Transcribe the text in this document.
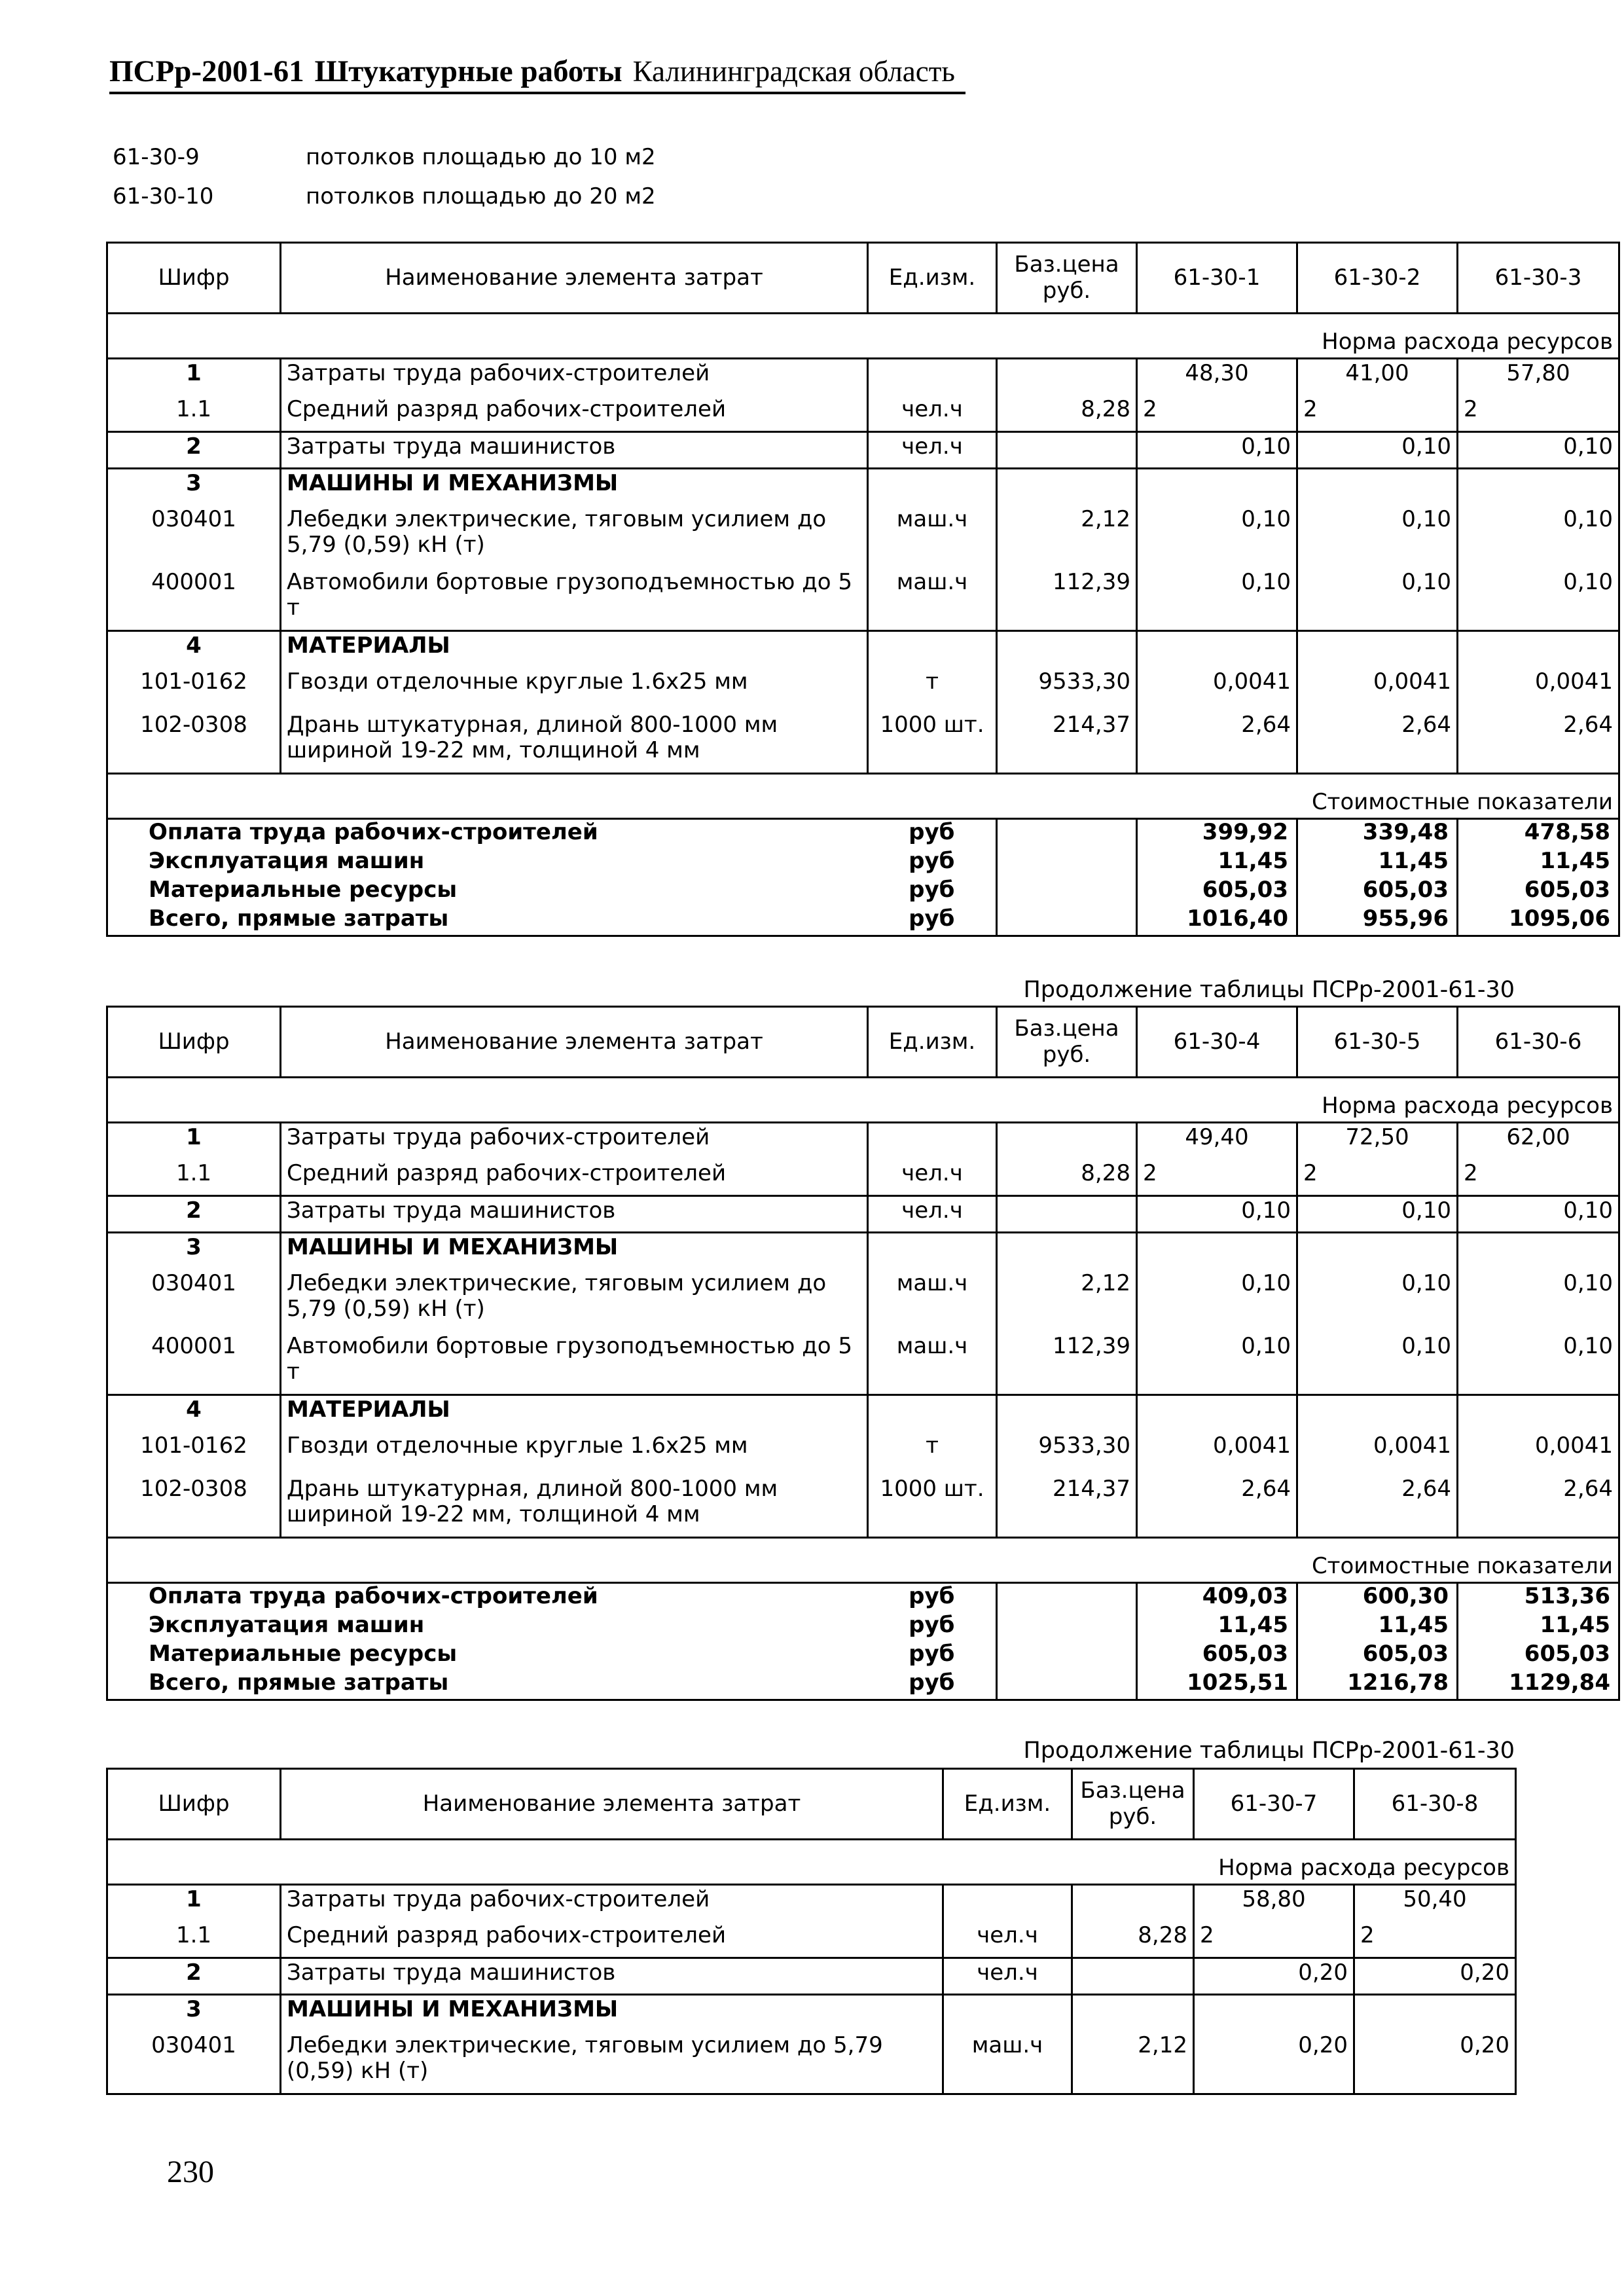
ПСРр-2001-61 Штукатурные работы Калининградская область
61-30-9	потолков площадью до 10 м2
61-30-10	потолков площадью до 20 м2
Шифр	Наименование элемента затрат	Ед.изм.	Баз.цена руб.	61-30-1	61-30-2	61-30-3
Норма расхода ресурсов						
1	Затраты труда рабочих-строителей			48,30	41,00	57,80
1.1	Средний разряд рабочих-строителей	чел.ч	8,28	2	2	2
2	Затраты труда машинистов	чел.ч		0,10	0,10	0,10
3	МАШИНЫ И МЕХАНИЗМЫ					
030401	Лебедки электрические, тяговым усилием до 5,79 (0,59) кН (т)	маш.ч	2,12	0,10	0,10	0,10
400001	Автомобили бортовые грузоподъемностью до 5 т	маш.ч	112,39	0,10	0,10	0,10
4	МАТЕРИАЛЫ					
101-0162	Гвозди отделочные круглые 1.6х25 мм	т	9533,30	0,0041	0,0041	0,0041
102-0308	Дрань штукатурная, длиной 800-1000 мм шириной 19-22 мм, толщиной 4 мм	1000 шт.	214,37	2,64	2,64	2,64
Стоимостные показатели						
Оплата труда рабочих-строителей		руб		399,92	339,48	478,58
Эксплуатация машин		руб		11,45	11,45	11,45
Материальные ресурсы		руб		605,03	605,03	605,03
Всего, прямые затраты		руб		1016,40	955,96	1095,06
Продолжение таблицы ПСРр-2001-61-30
Шифр	Наименование элемента затрат	Ед.изм.	Баз.цена руб.	61-30-4	61-30-5	61-30-6
Норма расхода ресурсов						
1	Затраты труда рабочих-строителей			49,40	72,50	62,00
1.1	Средний разряд рабочих-строителей	чел.ч	8,28	2	2	2
2	Затраты труда машинистов	чел.ч		0,10	0,10	0,10
3	МАШИНЫ И МЕХАНИЗМЫ					
030401	Лебедки электрические, тяговым усилием до 5,79 (0,59) кН (т)	маш.ч	2,12	0,10	0,10	0,10
400001	Автомобили бортовые грузоподъемностью до 5 т	маш.ч	112,39	0,10	0,10	0,10
4	МАТЕРИАЛЫ					
101-0162	Гвозди отделочные круглые 1.6х25 мм	т	9533,30	0,0041	0,0041	0,0041
102-0308	Дрань штукатурная, длиной 800-1000 мм шириной 19-22 мм, толщиной 4 мм	1000 шт.	214,37	2,64	2,64	2,64
Стоимостные показатели						
Оплата труда рабочих-строителей		руб		409,03	600,30	513,36
Эксплуатация машин		руб		11,45	11,45	11,45
Материальные ресурсы		руб		605,03	605,03	605,03
Всего, прямые затраты		руб		1025,51	1216,78	1129,84
Продолжение таблицы ПСРр-2001-61-30
Шифр	Наименование элемента затрат	Ед.изм.	Баз.цена руб.	61-30-7	61-30-8
Норма расхода ресурсов					
1	Затраты труда рабочих-строителей			58,80	50,40
1.1	Средний разряд рабочих-строителей	чел.ч	8,28	2	2
2	Затраты труда машинистов	чел.ч		0,20	0,20
3	МАШИНЫ И МЕХАНИЗМЫ				
030401	Лебедки электрические, тяговым усилием до 5,79 (0,59) кН (т)	маш.ч	2,12	0,20	0,20
230
